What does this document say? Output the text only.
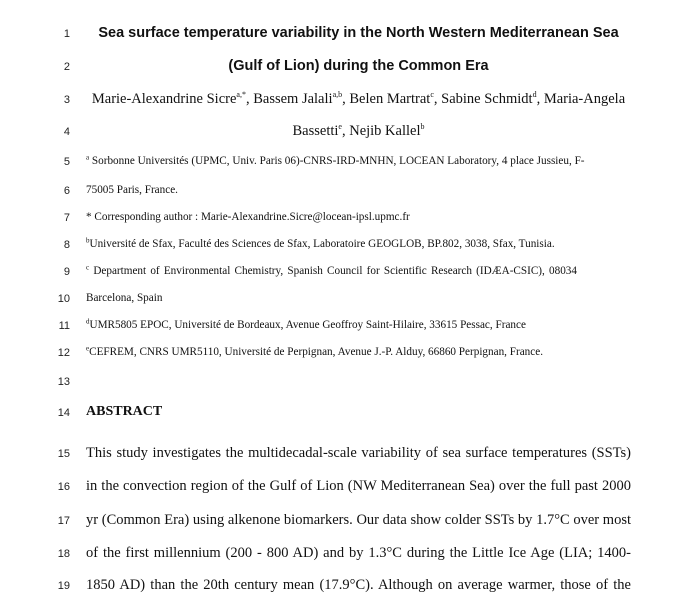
1	Sea surface temperature variability in the North Western Mediterranean Sea
2	(Gulf of Lion) during the Common Era
3	Marie-Alexandrine Sicre$^{a,*}$, Bassem Jalali$^{a,b}$, Belen Martrat$^c$, Sabine Schmidt$^d$, Maria-Angela
4	Bassetti$^e$, Nejib Kallel$^b$
5 $^a$ Sorbonne Universités (UPMC, Univ. Paris 06)-CNRS-IRD-MNHN, LOCEAN Laboratory, 4 place Jussieu, F-
6 75005 Paris, France.
7 * Corresponding author : Marie-Alexandrine.Sicre@locean-ipsl.upmc.fr
8 $^b$Université de Sfax, Faculté des Sciences de Sfax, Laboratoire GEOGLOB, BP.802, 3038, Sfax, Tunisia.
9 $^c$ Department of Environmental Chemistry, Spanish Council for Scientific Research (IDÆA-CSIC), 08034
10 Barcelona, Spain
11 $^d$UMR5805 EPOC, Université de Bordeaux, Avenue Geoffroy Saint-Hilaire, 33615 Pessac, France
12 $^e$CEFREM, CNRS UMR5110, Université de Perpignan, Avenue J.-P. Alduy, 66860 Perpignan, France.
13
14 ABSTRACT
15 This study investigates the multidecadal-scale variability of sea surface temperatures (SSTs)
16 in the convection region of the Gulf of Lion (NW Mediterranean Sea) over the full past 2000
17 yr (Common Era) using alkenone biomarkers. Our data show colder SSTs by 1.7°C over most
18 of the first millennium (200 - 800 AD) and by 1.3°C during the Little Ice Age (LIA; 1400-
19 1850 AD) than the 20th century mean (17.9°C). Although on average warmer, those of the
